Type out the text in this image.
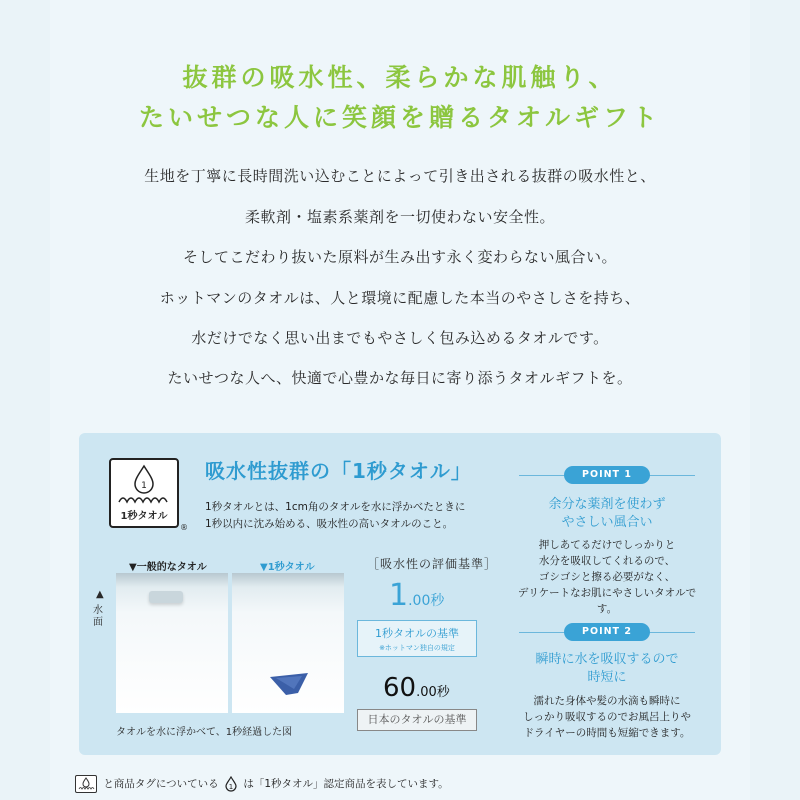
抜群の吸水性、柔らかな肌触り、
たいせつな人に笑顔を贈るタオルギフト
生地を丁寧に長時間洗い込むことによって引き出される抜群の吸水性と、
柔軟剤・塩素系薬剤を一切使わない安全性。
そしてこだわり抜いた原料が生み出す永く変わらない風合い。
ホットマンのタオルは、人と環境に配慮した本当のやさしさを持ち、
水だけでなく思い出までもやさしく包み込めるタオルです。
たいせつな人へ、快適で心豊かな毎日に寄り添うタオルギフトを。
1
1秒タオル
®
吸水性抜群の「1秒タオル」
1秒タオルとは、1cm角のタオルを水に浮かべたときに
1秒以内に沈み始める、吸水性の高いタオルのこと。
▼一般的なタオル	▼1秒タオル
▲
水面
タオルを水に浮かべて、1秒経過した図
［吸水性の評価基準］
1.00秒
1秒タオルの基準
※ホットマン独自の規定
60.00秒
日本のタオルの基準
POINT 1
余分な薬剤を使わず
やさしい風合い
押しあてるだけでしっかりと
水分を吸収してくれるので、
ゴシゴシと擦る必要がなく、
デリケートなお肌にやさしいタオルです。
POINT 2
瞬時に水を吸収するので
時短に
濡れた身体や髪の水滴も瞬時に
しっかり吸収するのでお風呂上りや
ドライヤーの時間も短縮できます。
と商品タグについている 1 は「1秒タオル」認定商品を表しています。
